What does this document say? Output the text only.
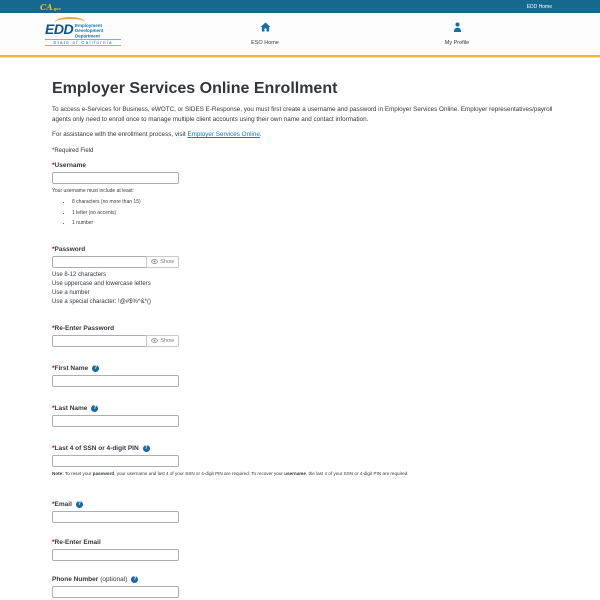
CA.gov	EDD Home
EDD Employment
Development
Department
State of California	ESO Home	My Profile
Employer Services Online Enrollment

To access e-Services for Business, eWOTC, or SIDES E-Response, you must first create a username and password in Employer Services Online. Employer representatives/payroll agents only need to enroll once to manage multiple client accounts using their own name and contact information.

For assistance with the enrollment process, visit Employer Services Online.

*Required Field

* Username
Your username must include at least:
• 8 characters (no more than 15)
• 1 letter (no accents)
• 1 number
* Password
Show
Use 8-12 characters
Use uppercase and lowercase letters
Use a number
Use a special character: !@#$%^&*()
* Re-Enter Password
Show
* First Name	?
* Last Name	?
* Last 4 of SSN or 4-digit PIN	?
Note: To reset your password, your username and last 4 of your SSN or 4-digit PIN are required. To recover your username, the last 4 of your SSN or 4-digit PIN are required.
* Email	?
* Re-Enter Email
Phone Number (optional)	?
